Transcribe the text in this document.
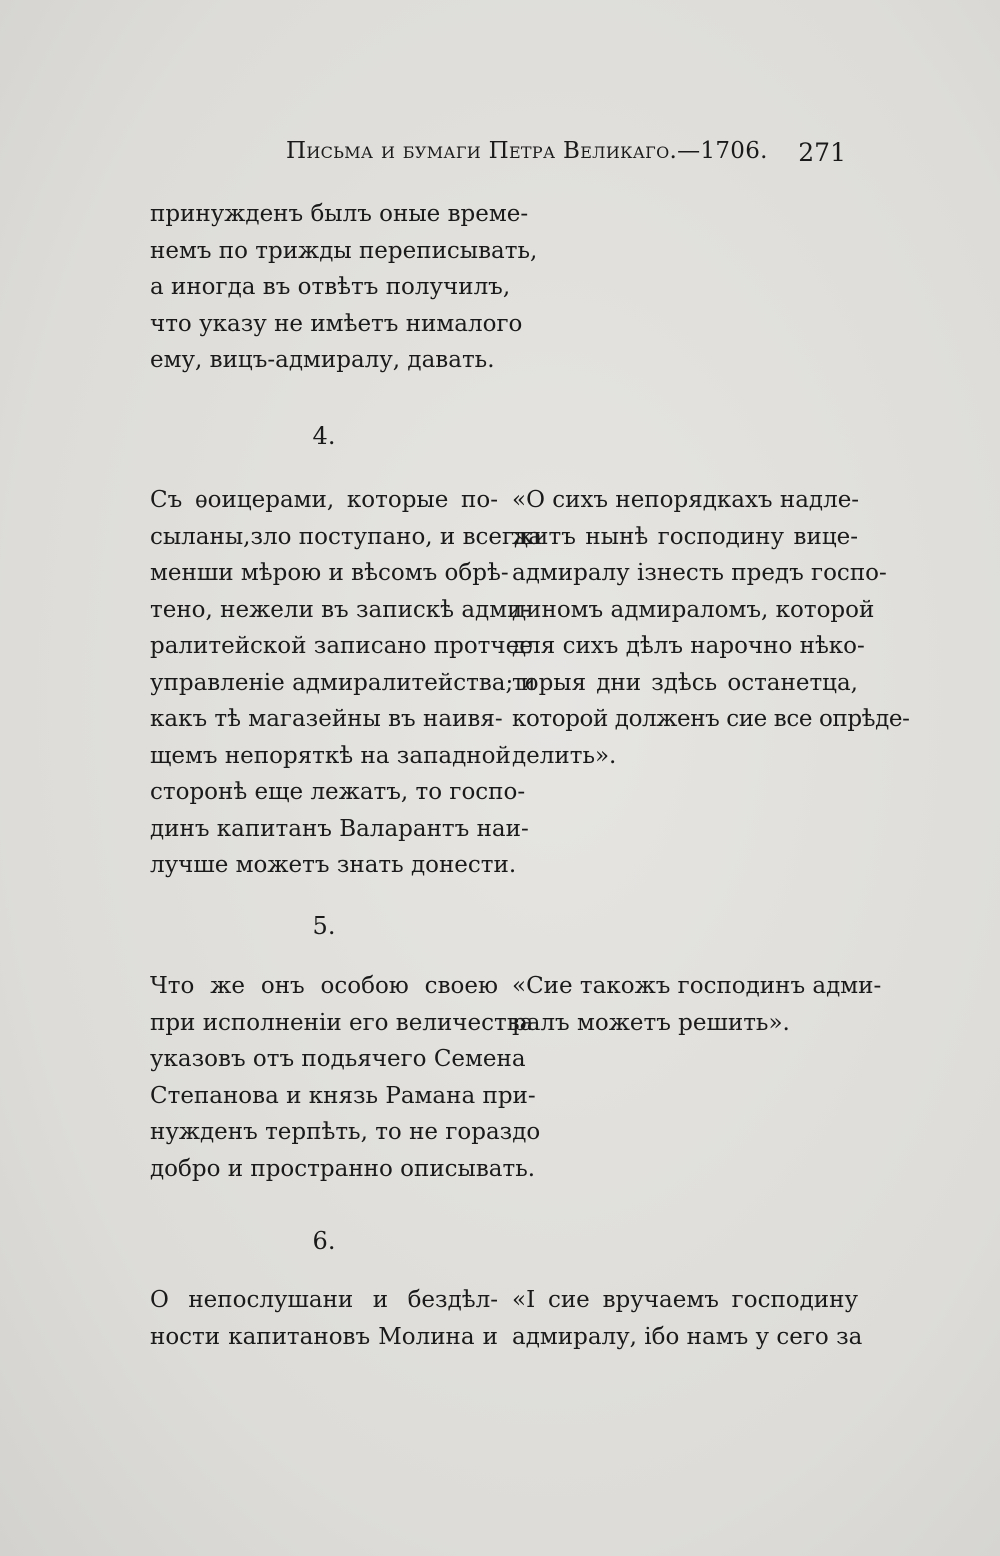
Письма и бумаги Петра Великаго.—1706. 271
принужденъ былъ оные време-
немъ по трижды переписывать,
а иногда въ отвѣтъ получилъ,
что указу не имѣетъ нималого
ему, вицъ-адмиралу, давать.
4.
Съ ѳоицерами, которые по-
сыланы,зло поступано, и всегда
менши мѣрою и вѣсомъ обрѣ-
тено, нежели въ запискѣ адми-
ралитейской записано протчее
управленіе адмиралитейства; и
какъ тѣ магазейны въ наивя-
щемъ непоряткѣ на западной
сторонѣ еще лежатъ, то госпо-
динъ капитанъ Валарантъ наи-
лучше можетъ знать донести.
«О сихъ непорядкахъ надле-
житъ нынѣ господину вице-
адмиралу ізнесть предъ госпо-
диномъ адмираломъ, которой
для сихъ дѣлъ нарочно нѣко-
торыя дни здѣсь останетца,
которой долженъ сие все опрѣде-
делить».
5.
Что же онъ особою своею
при исполненіи его величества
указовъ отъ подьячего Семена
Степанова и князь Рамана при-
нужденъ терпѣть, то не гораздо
добро и пространно описывать.
«Сие такожъ господинъ адми-
ралъ можетъ решить».
6.
О непослушани и бездѣл-
ности капитановъ Молина и
«I сие вручаемъ господину
адмиралу, ібо намъ у сего за
